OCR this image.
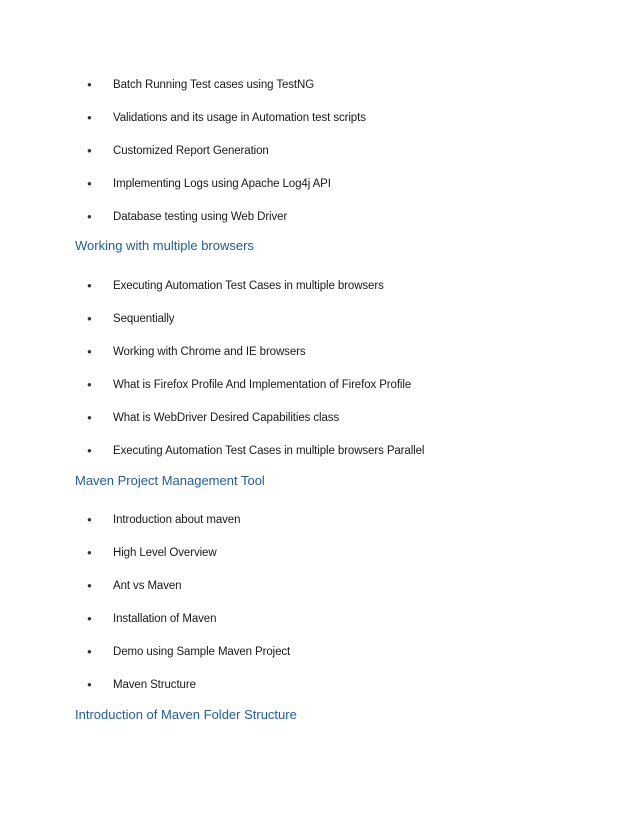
● Batch Running Test cases using TestNG
● Validations and its usage in Automation test scripts
● Customized Report Generation
● Implementing Logs using Apache Log4j API
● Database testing using Web Driver
Working with multiple browsers
● Executing Automation Test Cases in multiple browsers
● Sequentially
● Working with Chrome and IE browsers
● What is Firefox Profile And Implementation of Firefox Profile
● What is WebDriver Desired Capabilities class
● Executing Automation Test Cases in multiple browsers Parallel
Maven Project Management Tool
● Introduction about maven
● High Level Overview
● Ant vs Maven
● Installation of Maven
● Demo using Sample Maven Project
● Maven Structure
Introduction of Maven Folder Structure
